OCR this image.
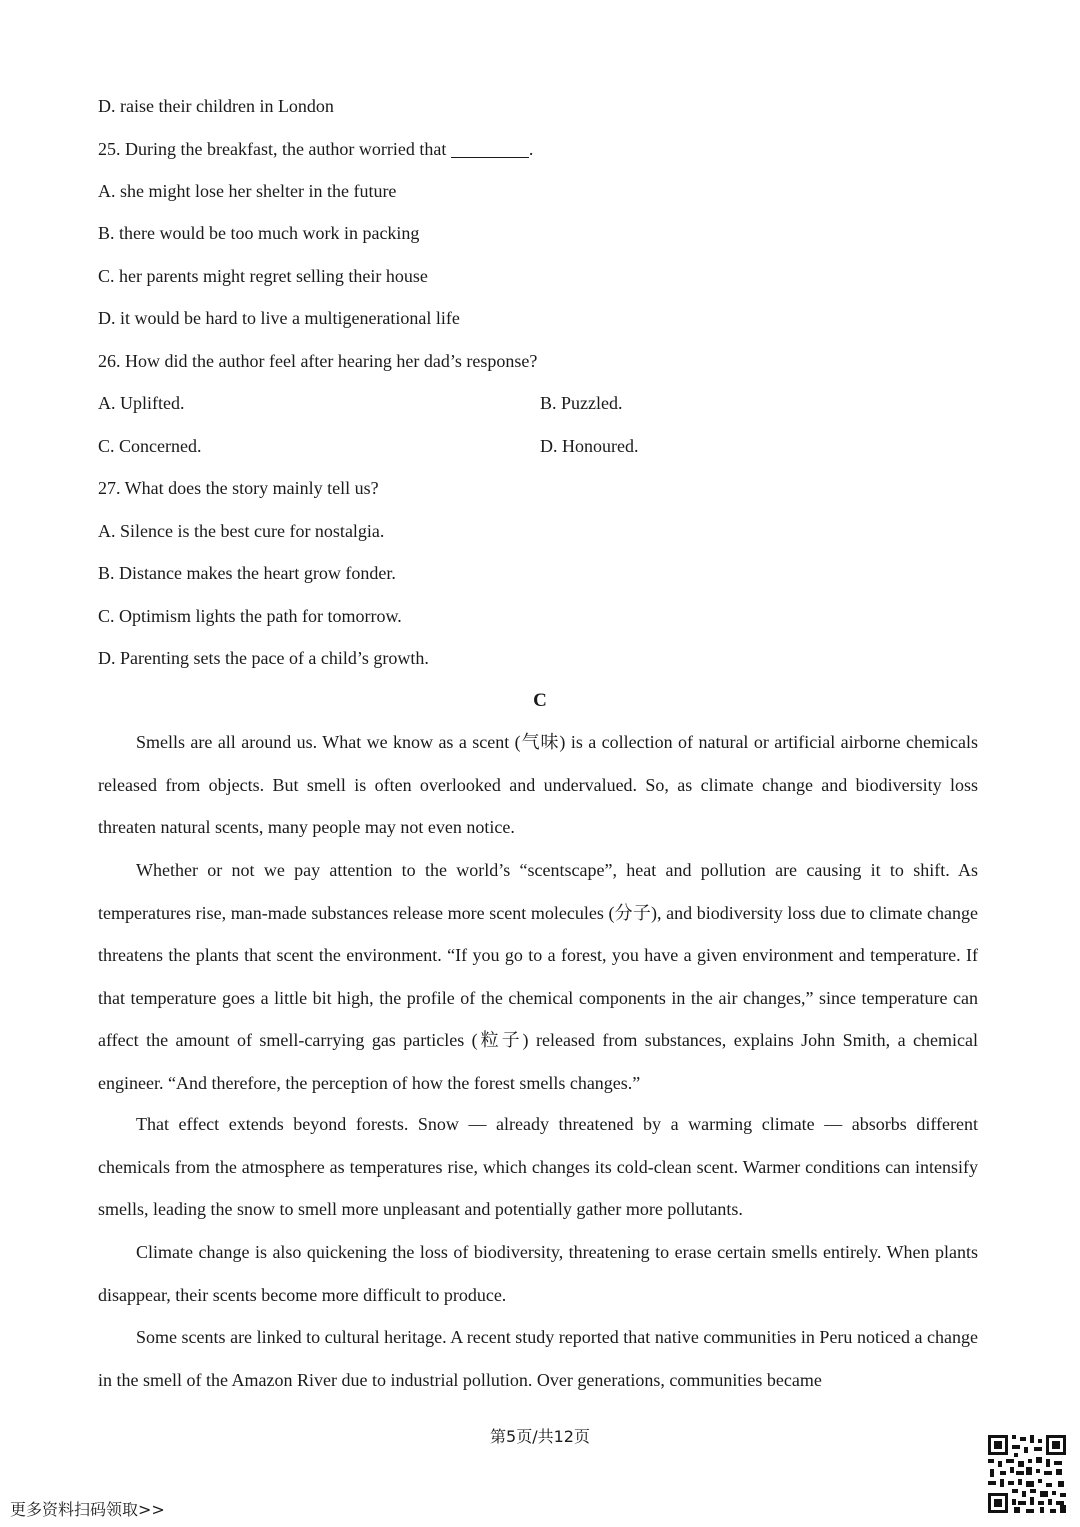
D. raise their children in London
25. During the breakfast, the author worried that	.
A. she might lose her shelter in the future
B. there would be too much work in packing
C. her parents might regret selling their house
D. it would be hard to live a multigenerational life
26. How did the author feel after hearing her dad’s response?
A. Uplifted.	B. Puzzled.
C. Concerned.	D. Honoured.
27. What does the story mainly tell us?
A. Silence is the best cure for nostalgia.
B. Distance makes the heart grow fonder.
C. Optimism lights the path for tomorrow.
D. Parenting sets the pace of a child’s growth.
C

Smells are all around us. What we know as a scent (气味) is a collection of natural or artificial airborne chemicals released from objects. But smell is often overlooked and undervalued. So, as climate change and biodiversity loss threaten natural scents, many people may not even notice.

Whether or not we pay attention to the world’s “scentscape”, heat and pollution are causing it to shift. As temperatures rise, man-made substances release more scent molecules (分子), and biodiversity loss due to climate change threatens the plants that scent the environment. “If you go to a forest, you have a given environment and temperature. If that temperature goes a little bit high, the profile of the chemical components in the air changes,” since temperature can affect the amount of smell-carrying gas particles (粒子) released from substances, explains John Smith, a chemical engineer. “And therefore, the perception of how the forest smells changes.”

That effect extends beyond forests. Snow — already threatened by a warming climate — absorbs different chemicals from the atmosphere as temperatures rise, which changes its cold-clean scent. Warmer conditions can intensify smells, leading the snow to smell more unpleasant and potentially gather more pollutants.

Climate change is also quickening the loss of biodiversity, threatening to erase certain smells entirely. When plants disappear, their scents become more difficult to produce.

Some scents are linked to cultural heritage. A recent study reported that native communities in Peru noticed a change in the smell of the Amazon River due to industrial pollution. Over generations, communities became

第5页/共12页
更多资料扫码领取>>
